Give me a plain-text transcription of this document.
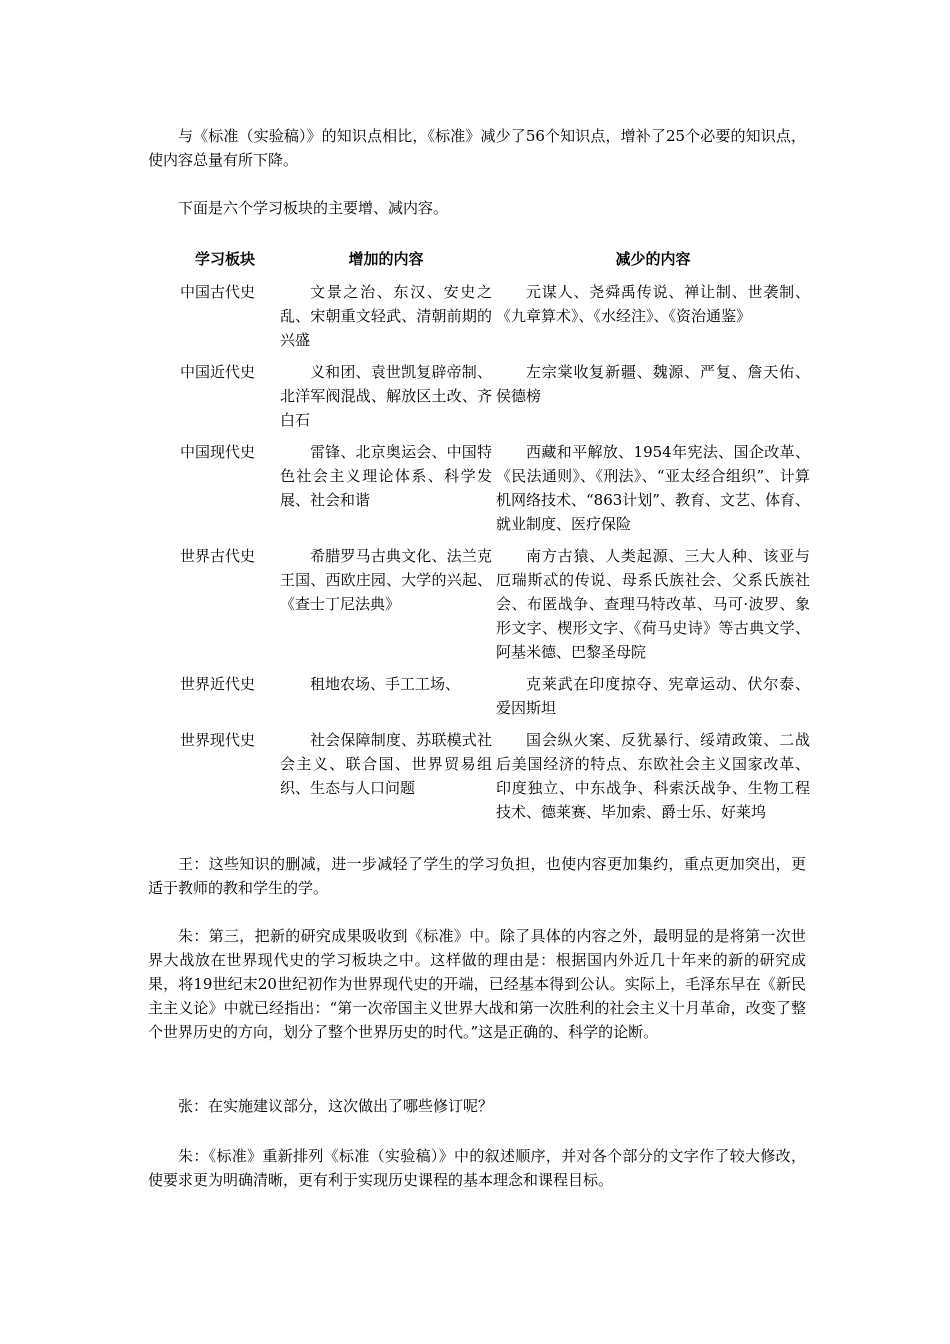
与《标准（实验稿）》的知识点相比，《标准》减少了56个知识点，增补了25个必要的知识点，使内容总量有所下降。

下面是六个学习板块的主要增、减内容。

学习板块	增加的内容	减少的内容
中国古代史	文景之治、东汉、安史之乱、宋朝重文轻武、清朝前期的兴盛	元谋人、尧舜禹传说、禅让制、世袭制、《九章算术》、《水经注》、《资治通鉴》
中国近代史	义和团、袁世凯复辟帝制、北洋军阀混战、解放区土改、齐白石	左宗棠收复新疆、魏源、严复、詹天佑、侯德榜
中国现代史	雷锋、北京奥运会、中国特色社会主义理论体系、科学发展、社会和谐	西藏和平解放、1954年宪法、国企改革、《民法通则》、《刑法》、“亚太经合组织”、计算机网络技术、“863计划”、教育、文艺、体育、就业制度、医疗保险
世界古代史	希腊罗马古典文化、法兰克王国、西欧庄园、大学的兴起、《查士丁尼法典》	南方古猿、人类起源、三大人种、该亚与厄瑞斯忒的传说、母系氏族社会、父系氏族社会、布匿战争、查理马特改革、马可·波罗、象形文字、楔形文字、《荷马史诗》等古典文学、阿基米德、巴黎圣母院
世界近代史	租地农场、手工工场、	克莱武在印度掠夺、宪章运动、伏尔泰、爱因斯坦
世界现代史	社会保障制度、苏联模式社会主义、联合国、世界贸易组织、生态与人口问题	国会纵火案、反犹暴行、绥靖政策、二战后美国经济的特点、东欧社会主义国家改革、印度独立、中东战争、科索沃战争、生物工程技术、德莱赛、毕加索、爵士乐、好莱坞

王：这些知识的删减，进一步减轻了学生的学习负担，也使内容更加集约，重点更加突出，更适于教师的教和学生的学。

朱：第三，把新的研究成果吸收到《标准》中。除了具体的内容之外，最明显的是将第一次世界大战放在世界现代史的学习板块之中。这样做的理由是：根据国内外近几十年来的新的研究成果，将19世纪末20世纪初作为世界现代史的开端，已经基本得到公认。实际上，毛泽东早在《新民主主义论》中就已经指出：“第一次帝国主义世界大战和第一次胜利的社会主义十月革命，改变了整个世界历史的方向，划分了整个世界历史的时代。”这是正确的、科学的论断。

张：在实施建议部分，这次做出了哪些修订呢？

朱：《标准》重新排列《标准（实验稿）》中的叙述顺序，并对各个部分的文字作了较大修改，使要求更为明确清晰，更有利于实现历史课程的基本理念和课程目标。
